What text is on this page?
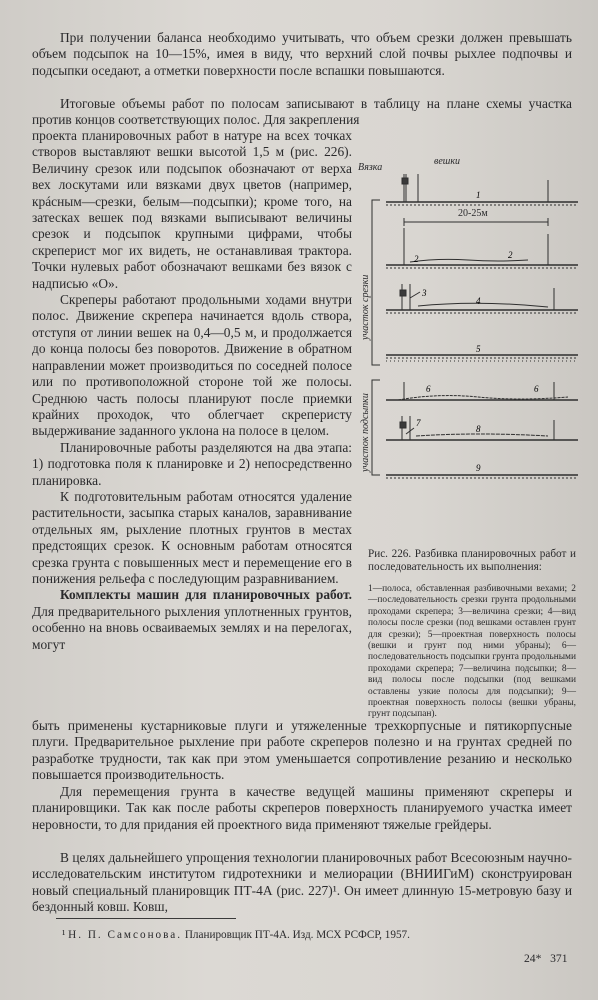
При получении баланса необходимо учитывать, что объем срезки должен превышать объем подсыпок на 10—15%, имея в виду, что верхний слой почвы рыхлее подпочвы и подсыпки оседают, а отметки поверхности после вспашки повышаются.

Итоговые объемы работ по полосам записывают в таблицу на плане схемы участка против концов соответствующих полос. Для закрепления

проекта планировочных работ в натуре на всех точках створов выставляют вешки высотой 1,5 м (рис. 226). Величину срезок или подсыпок обозначают от верха вех лоскутами или вязками двух цветов (например, крáсным—срезки, белым—подсыпки); кроме того, на затесках вешек под вязками выписывают величины срезок и подсыпок крупными цифрами, чтобы скреперист мог их видеть, не останавливая трактора. Точки нулевых работ обозначают вешками без вязок с надписью «О».

Скреперы работают продольными ходами внутри полос. Движение скрепера начинается вдоль створа, отступя от линии вешек на 0,4—0,5 м, и продолжается до конца полосы без поворотов. Движение в обратном направлении может производиться по соседней полосе или по противоположной стороне той же полосы. Среднюю часть полосы планируют после приемки крайних проходок, что облегчает скреперисту выдерживание заданного уклона на полосе в целом.

Планировочные работы разделяются на два этапа: 1) подготовка поля к планировке и 2) непосредственно планировка.

К подготовительным работам относятся удаление растительности, засыпка старых каналов, заравнивание отдельных ям, рыхление плотных грунтов в местах предстоящих срезок. К основным работам относятся срезка грунта с повышенных мест и перемещение его в понижения рельефа с последующим разравниванием.

Комплекты машин для планировочных работ. Для предварительного рыхления уплотненных грунтов, особенно на вновь осваиваемых землях и на перелогах, могут

Вязка
вешки
20-25м
участок срезки
участок подсыпки
1
2	2
3
4
5
6	6
7
8
9

Рис. 226. Разбивка планировочных работ и последовательность их выполнения:

1—полоса, обставленная разбивочными вехами; 2—последовательность срезки грунта продольными проходами скрепера; 3—величина срезки; 4—вид полосы после срезки (под вешками оставлен грунт для срезки); 5—проектная поверхность полосы (вешки и грунт под ними убраны); 6—последовательность подсыпки грунта продольными проходами скрепера; 7—величина подсыпки; 8—вид полосы после подсыпки (под вешками оставлены узкие полосы для подсыпки); 9—проектная поверхность полосы (вешки убраны, грунт подсыпан).

быть применены кустарниковые плуги и утяжеленные трехкорпусные и пятикорпусные плуги. Предварительное рыхление при работе скреперов полезно и на грунтах средней по разработке трудности, так как при этом уменьшается сопротивление резанию и несколько повышается производительность.

Для перемещения грунта в качестве ведущей машины применяют скреперы и планировщики. Так как после работы скреперов поверхность планируемого участка имеет неровности, то для придания ей проектного вида применяют тяжелые грейдеры.

В целях дальнейшего упрощения технологии планировочных работ Всесоюзным научно-исследовательским институтом гидротехники и мелиорации (ВНИИГиМ) сконструирован новый специальный планировщик ПТ-4А (рис. 227)¹. Он имеет длинную 15-метровую базу и бездонный ковш. Ковш,

¹ Н. П. Самсонова. Планировщик ПТ-4А. Изд. МСХ РСФСР, 1957.

24* 371
